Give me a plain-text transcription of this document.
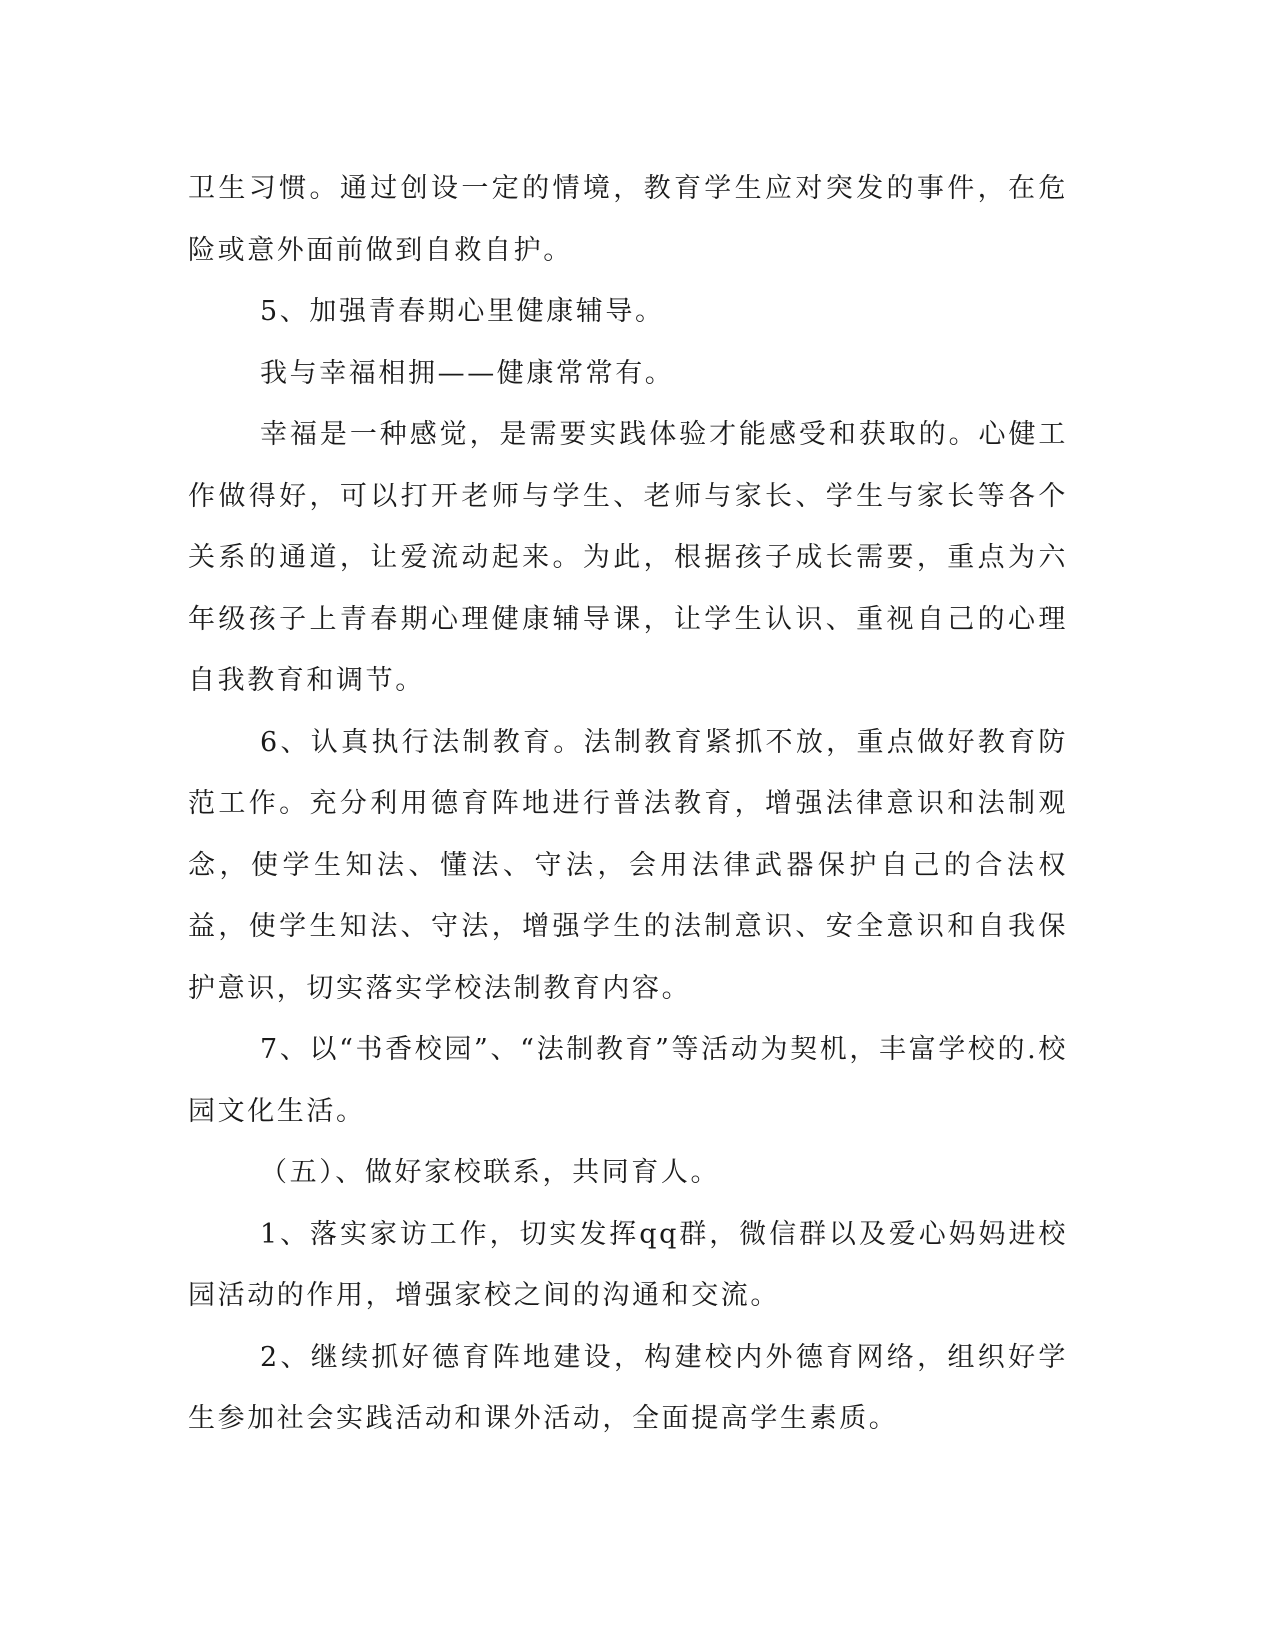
卫生习惯。通过创设一定的情境，教育学生应对突发的事件，在危险或意外面前做到自救自护。

5、加强青春期心里健康辅导。

我与幸福相拥——健康常常有。

幸福是一种感觉，是需要实践体验才能感受和获取的。心健工作做得好，可以打开老师与学生、老师与家长、学生与家长等各个关系的通道，让爱流动起来。为此，根据孩子成长需要，重点为六年级孩子上青春期心理健康辅导课，让学生认识、重视自己的心理自我教育和调节。

6、认真执行法制教育。法制教育紧抓不放，重点做好教育防范工作。充分利用德育阵地进行普法教育，增强法律意识和法制观念，使学生知法、懂法、守法，会用法律武器保护自己的合法权益，使学生知法、守法，增强学生的法制意识、安全意识和自我保护意识，切实落实学校法制教育内容。

7、以“书香校园”、“法制教育”等活动为契机，丰富学校的.校园文化生活。

（五）、做好家校联系，共同育人。

1、落实家访工作，切实发挥qq群，微信群以及爱心妈妈进校园活动的作用，增强家校之间的沟通和交流。

2、继续抓好德育阵地建设，构建校内外德育网络，组织好学生参加社会实践活动和课外活动，全面提高学生素质。
